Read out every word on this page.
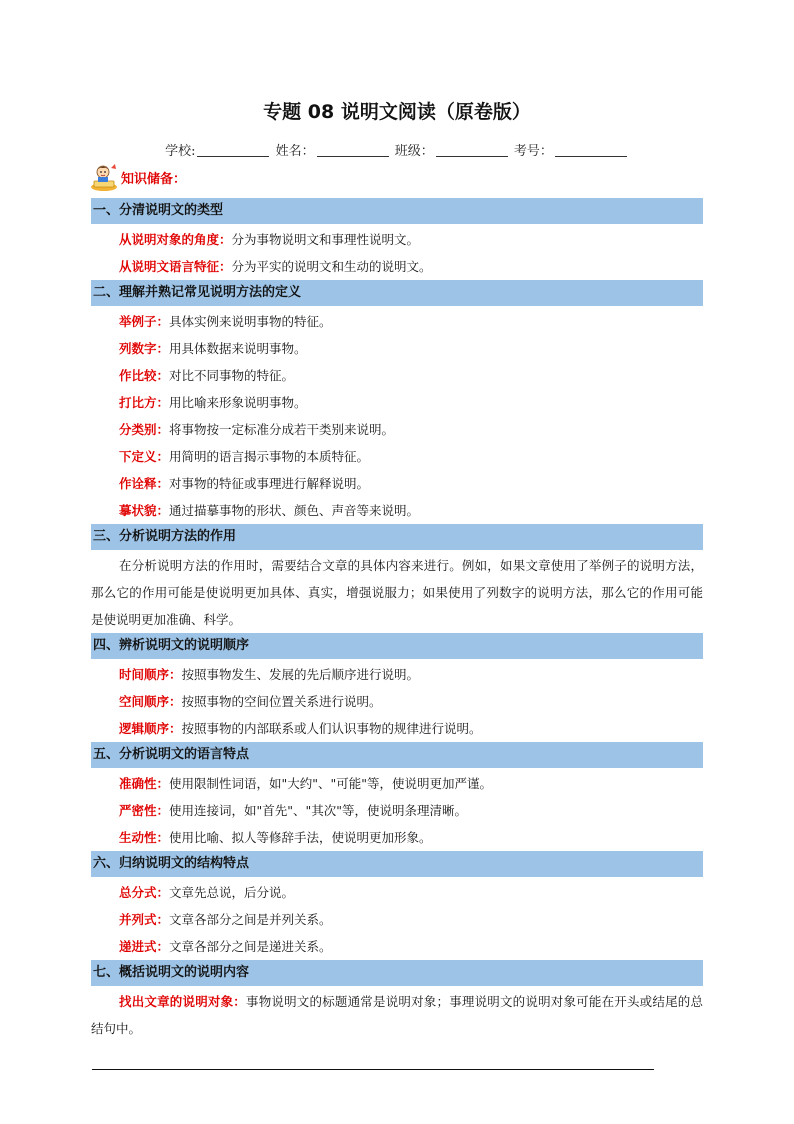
专题 08 说明文阅读（原卷版）
学校:	姓名：	班级：	考号：
知识储备：
一、分清说明文的类型
从说明对象的角度：分为事物说明文和事理性说明文。
从说明文语言特征：分为平实的说明文和生动的说明文。
二、理解并熟记常见说明方法的定义
举例子：具体实例来说明事物的特征。
列数字：用具体数据来说明事物。
作比较：对比不同事物的特征。
打比方：用比喻来形象说明事物。
分类别：将事物按一定标准分成若干类别来说明。
下定义：用简明的语言揭示事物的本质特征。
作诠释：对事物的特征或事理进行解释说明。
摹状貌：通过描摹事物的形状、颜色、声音等来说明。
三、分析说明方法的作用

在分析说明方法的作用时，需要结合文章的具体内容来进行。例如，如果文章使用了举例子的说明方法，那么它的作用可能是使说明更加具体、真实，增强说服力；如果使用了列数字的说明方法，那么它的作用可能是使说明更加准确、科学。

四、辨析说明文的说明顺序
时间顺序：按照事物发生、发展的先后顺序进行说明。
空间顺序：按照事物的空间位置关系进行说明。
逻辑顺序：按照事物的内部联系或人们认识事物的规律进行说明。
五、分析说明文的语言特点
准确性：使用限制性词语，如"大约"、"可能"等，使说明更加严谨。
严密性：使用连接词，如"首先"、"其次"等，使说明条理清晰。
生动性：使用比喻、拟人等修辞手法，使说明更加形象。
六、归纳说明文的结构特点
总分式：文章先总说，后分说。
并列式：文章各部分之间是并列关系。
递进式：文章各部分之间是递进关系。
七、概括说明文的说明内容

找出文章的说明对象：事物说明文的标题通常是说明对象；事理说明文的说明对象可能在开头或结尾的总结句中。
